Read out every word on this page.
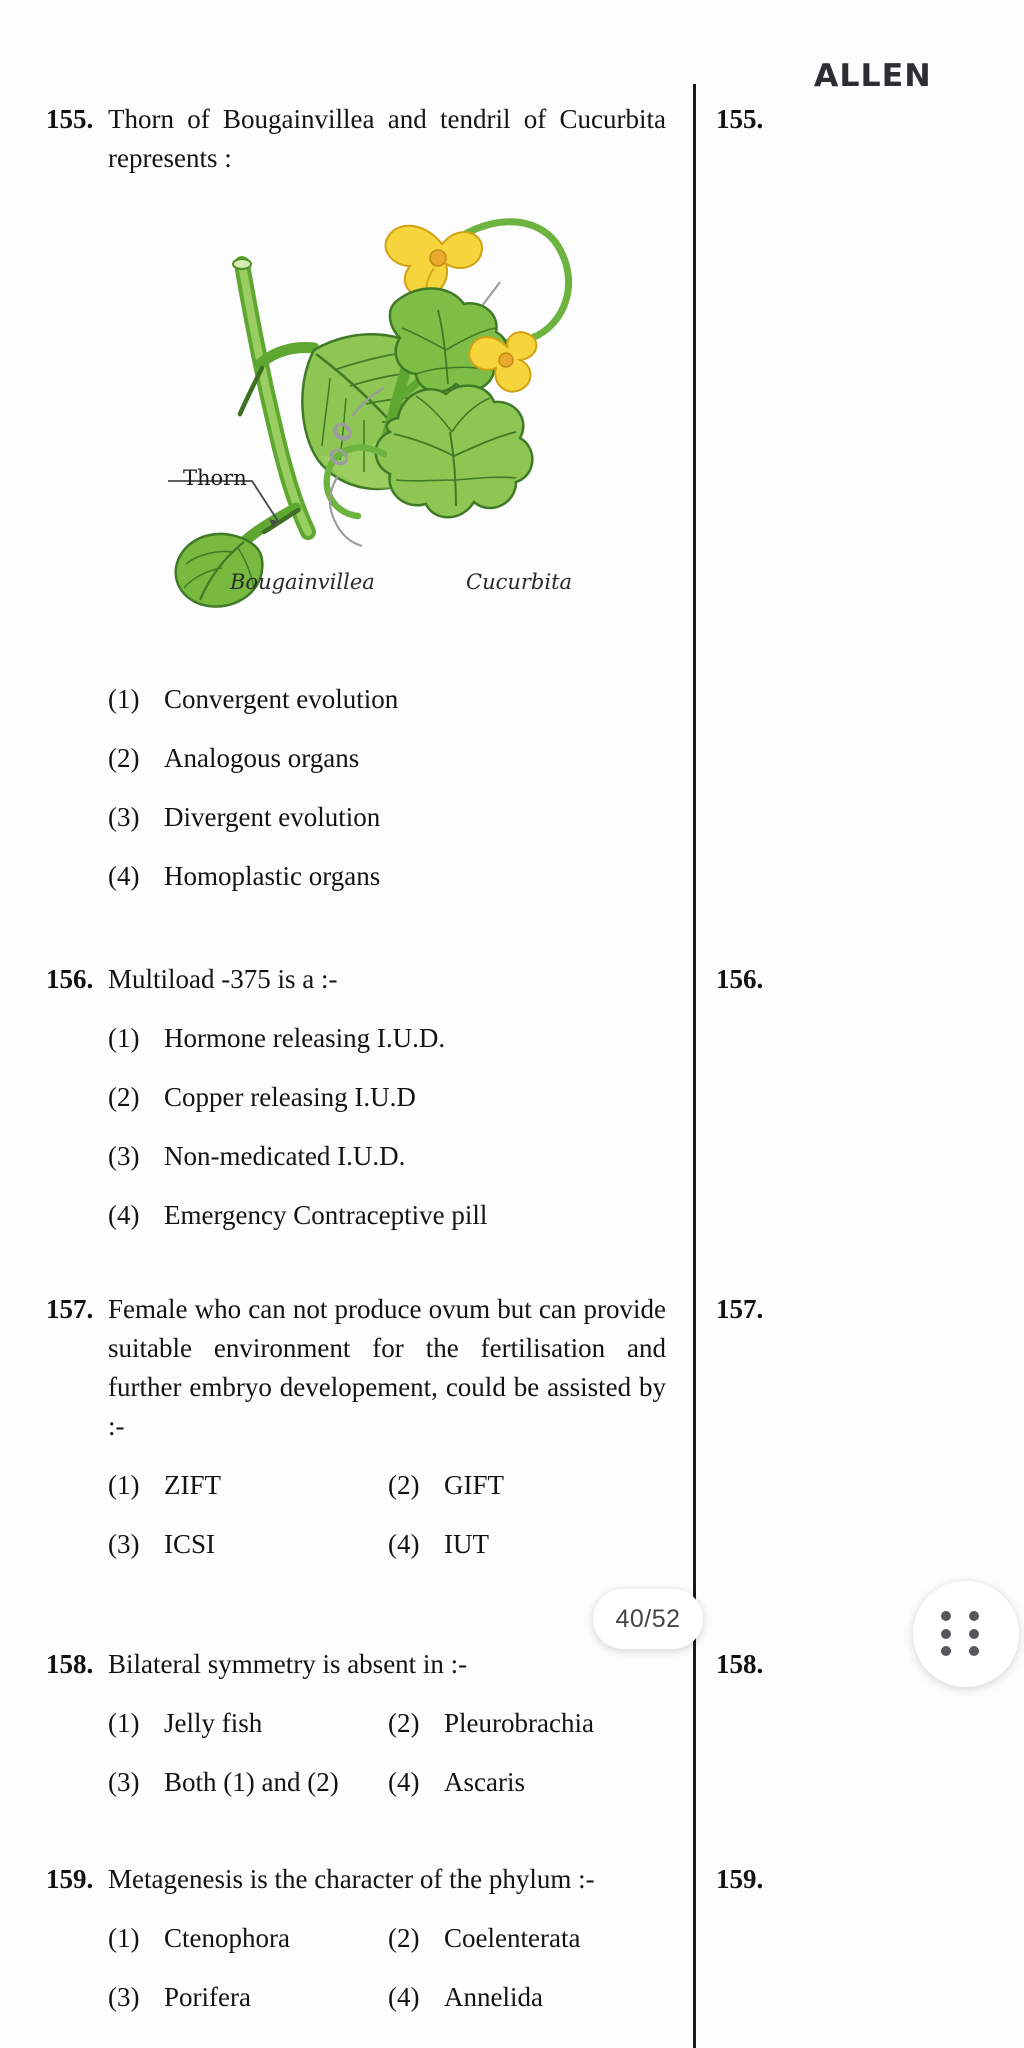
ALLEN
155. Thorn of Bougainvillea and tendril of Cucurbita represents :
Thorn
Bougainvillea	Cucurbita
(1) Convergent evolution
(2) Analogous organs
(3) Divergent evolution
(4) Homoplastic organs
156. Multiload -375 is a :-
(1) Hormone releasing I.U.D.
(2) Copper releasing I.U.D
(3) Non-medicated I.U.D.
(4) Emergency Contraceptive pill
157. Female who can not produce ovum but can provide suitable environment for the fertilisation and further embryo developement, could be assisted by :-
(1) ZIFT	(2) GIFT
(3) ICSI	(4) IUT
158. Bilateral symmetry is absent in :-
(1) Jelly fish	(2) Pleurobrachia
(3) Both (1) and (2)	(4) Ascaris
159. Metagenesis is the character of the phylum :-
(1) Ctenophora	(2) Coelenterata
(3) Porifera	(4) Annelida
155.
156.
157.
158.
159.
40/52
